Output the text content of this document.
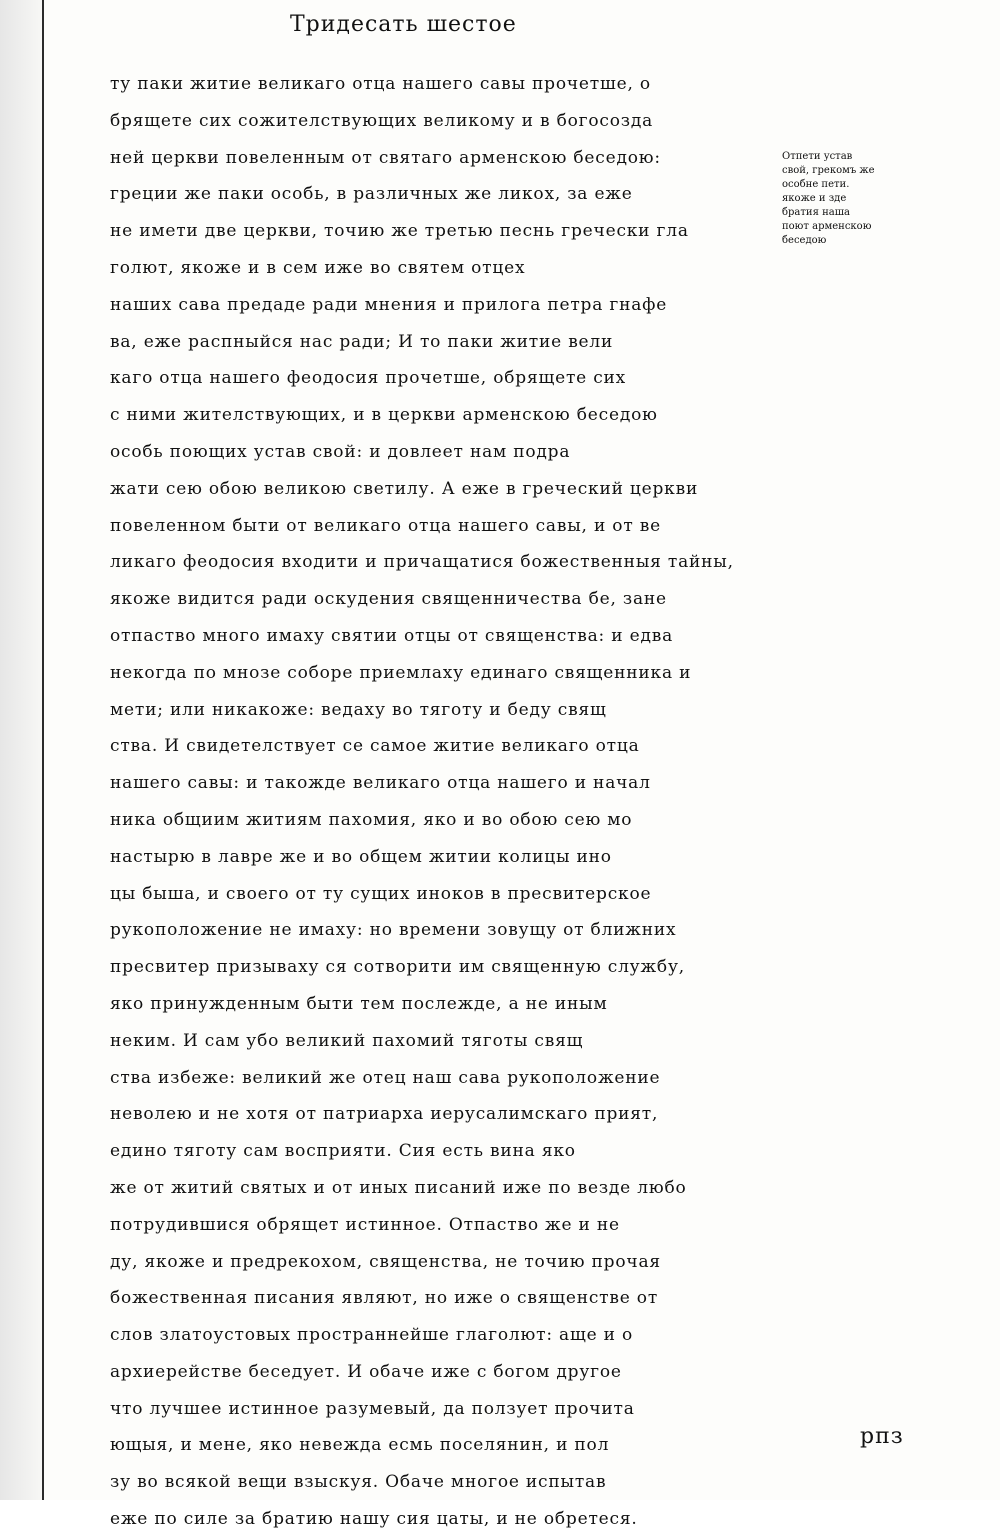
Тридесать шестое
ту паки житие великаго отца нашего савы прочетше, о
брящете сих сожителствующих великому и в богосозда
ней церкви повеленным от святаго арменскою беседою:
греции же паки особь, в различных же ликох, за еже
не имети две церкви, точию же третью песнь гречески гла
голют, якоже и в сем иже во святем отцех
наших сава предаде ради мнения и прилога петра гнафе
ва, еже распныйся нас ради; И то паки житие вели
каго отца нашего феодосия прочетше, обрящете сих
с ними жителствующих, и в церкви арменскою беседою
особь поющих устав свой: и довлеет нам подра
жати сею обою великою светилу. А еже в греческий церкви
повеленном быти от великаго отца нашего савы, и от ве
ликаго феодосия входити и причащатися божественныя тайны,
якоже видится ради оскудения священничества бе, зане
отпаство много имаху святии отцы от священства: и едва
некогда по мнозе соборе приемлаху единаго священника и
мети; или никакоже: ведаху во тяготу и беду свящ
ства. И свидетелствует се самое житие великаго отца
нашего савы: и такожде великаго отца нашего и начал
ника общиим житиям пахомия, яко и во обою сею мо
настырю в лавре же и во общем житии колицы ино
цы быша, и своего от ту сущих иноков в пресвитерское
рукоположение не имаху: но времени зовущу от ближних
пресвитер призываху ся сотворити им священную службу,
яко принужденным быти тем послежде, а не иным
неким. И сам убо великий пахомий тяготы свящ
ства избеже: великий же отец наш сава рукоположение
неволею и не хотя от патриарха иерусалимскаго прият,
едино тяготу сам восприяти. Сия есть вина яко
же от житий святых и от иных писаний иже по везде любо
потрудившися обрящет истинное. Отпаство же и не
ду, якоже и предрекохом, священства, не точию прочая
божественная писания являют, но иже о священстве от
слов златоустовых пространнейше глаголют: аще и о
архиерействе беседует. И обаче иже с богом другое
что лучшее истинное разумевый, да ползует прочита
ющыя, и мене, яко невежда есмь поселянин, и пол
зу во всякой вещи взыскуя. Обаче многое испытав
еже по силе за братию нашу сия цаты, и не обретеся.
Отпети устав
свой, грекомъ же
особне пети.
якоже и зде
братия наша
поют арменскою
беседою
рпз
